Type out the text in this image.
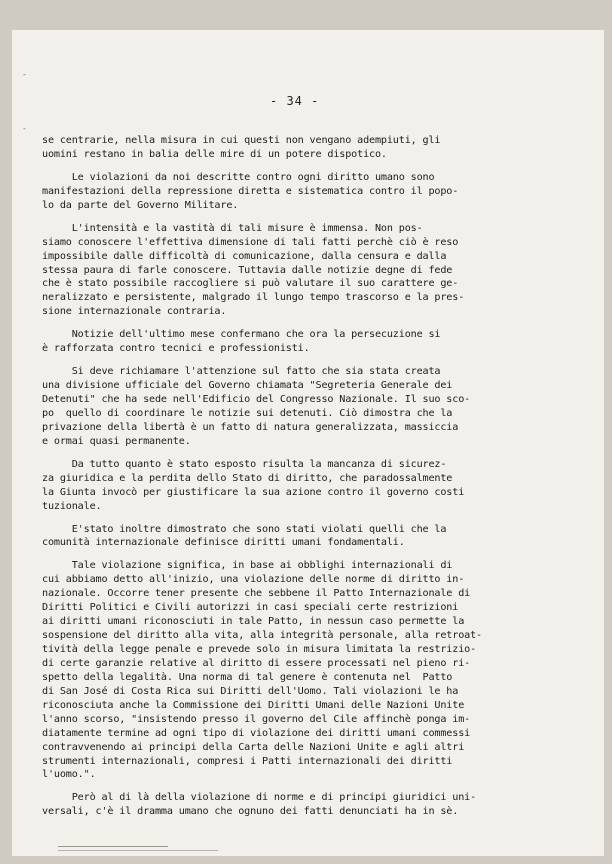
-

-
- 34 -
se centrarie, nella misura in cui questi non vengano adempiuti, gli
uomini restano in balia delle mire di un potere dispotico.
Le violazioni da noi descritte contro ogni diritto umano sono
manifestazioni della repressione diretta e sistematica contro il popo-
lo da parte del Governo Militare.
L'intensità e la vastità di tali misure è immensa. Non pos-
siamo conoscere l'effettiva dimensione di tali fatti perchè ciò è reso
impossibile dalle difficoltà di comunicazione, dalla censura e dalla
stessa paura di farle conoscere. Tuttavia dalle notizie degne di fede
che è stato possibile raccogliere si può valutare il suo carattere ge-
neralizzato e persistente, malgrado il lungo tempo trascorso e la pres-
sione internazionale contraria.
Notizie dell'ultimo mese confermano che ora la persecuzione si
è rafforzata contro tecnici e professionisti.
Si deve richiamare l'attenzione sul fatto che sia stata creata
una divisione ufficiale del Governo chiamata "Segreteria Generale dei
Detenuti" che ha sede nell'Edificio del Congresso Nazionale. Il suo sco-
po  quello di coordinare le notizie sui detenuti. Ciò dimostra che la
privazione della libertà è un fatto di natura generalizzata, massiccia
e ormai quasi permanente.
Da tutto quanto è stato esposto risulta la mancanza di sicurez-
za giuridica e la perdita dello Stato di diritto, che paradossalmente
la Giunta invocò per giustificare la sua azione contro il governo costi
tuzionale.
E'stato inoltre dimostrato che sono stati violati quelli che la
comunità internazionale definisce diritti umani fondamentali.
Tale violazione significa, in base ai obblighi internazionali di
cui abbiamo detto all'inizio, una violazione delle norme di diritto in-
nazionale. Occorre tener presente che sebbene il Patto Internazionale di
Diritti Politici e Civili autorizzi in casi speciali certe restrizioni
ai diritti umani riconosciuti in tale Patto, in nessun caso permette la
sospensione del diritto alla vita, alla integrità personale, alla retroat-
tività della legge penale e prevede solo in misura limitata la restrizio-
di certe garanzie relative al diritto di essere processati nel pieno ri-
spetto della legalità. Una norma di tal genere è contenuta nel  Patto
di San José di Costa Rica sui Diritti dell'Uomo. Tali violazioni le ha
riconosciuta anche la Commissione dei Diritti Umani delle Nazioni Unite
l'anno scorso, "insistendo presso il governo del Cile affinchè ponga im-
diatamente termine ad ogni tipo di violazione dei diritti umani commessi
contravvenendo ai principi della Carta delle Nazioni Unite e agli altri
strumenti internazionali, compresi i Patti internazionali dei diritti
l'uomo.".
Però al di là della violazione di norme e di principi giuridici uni-
versali, c'è il dramma umano che ognuno dei fatti denunciati ha in sè.
